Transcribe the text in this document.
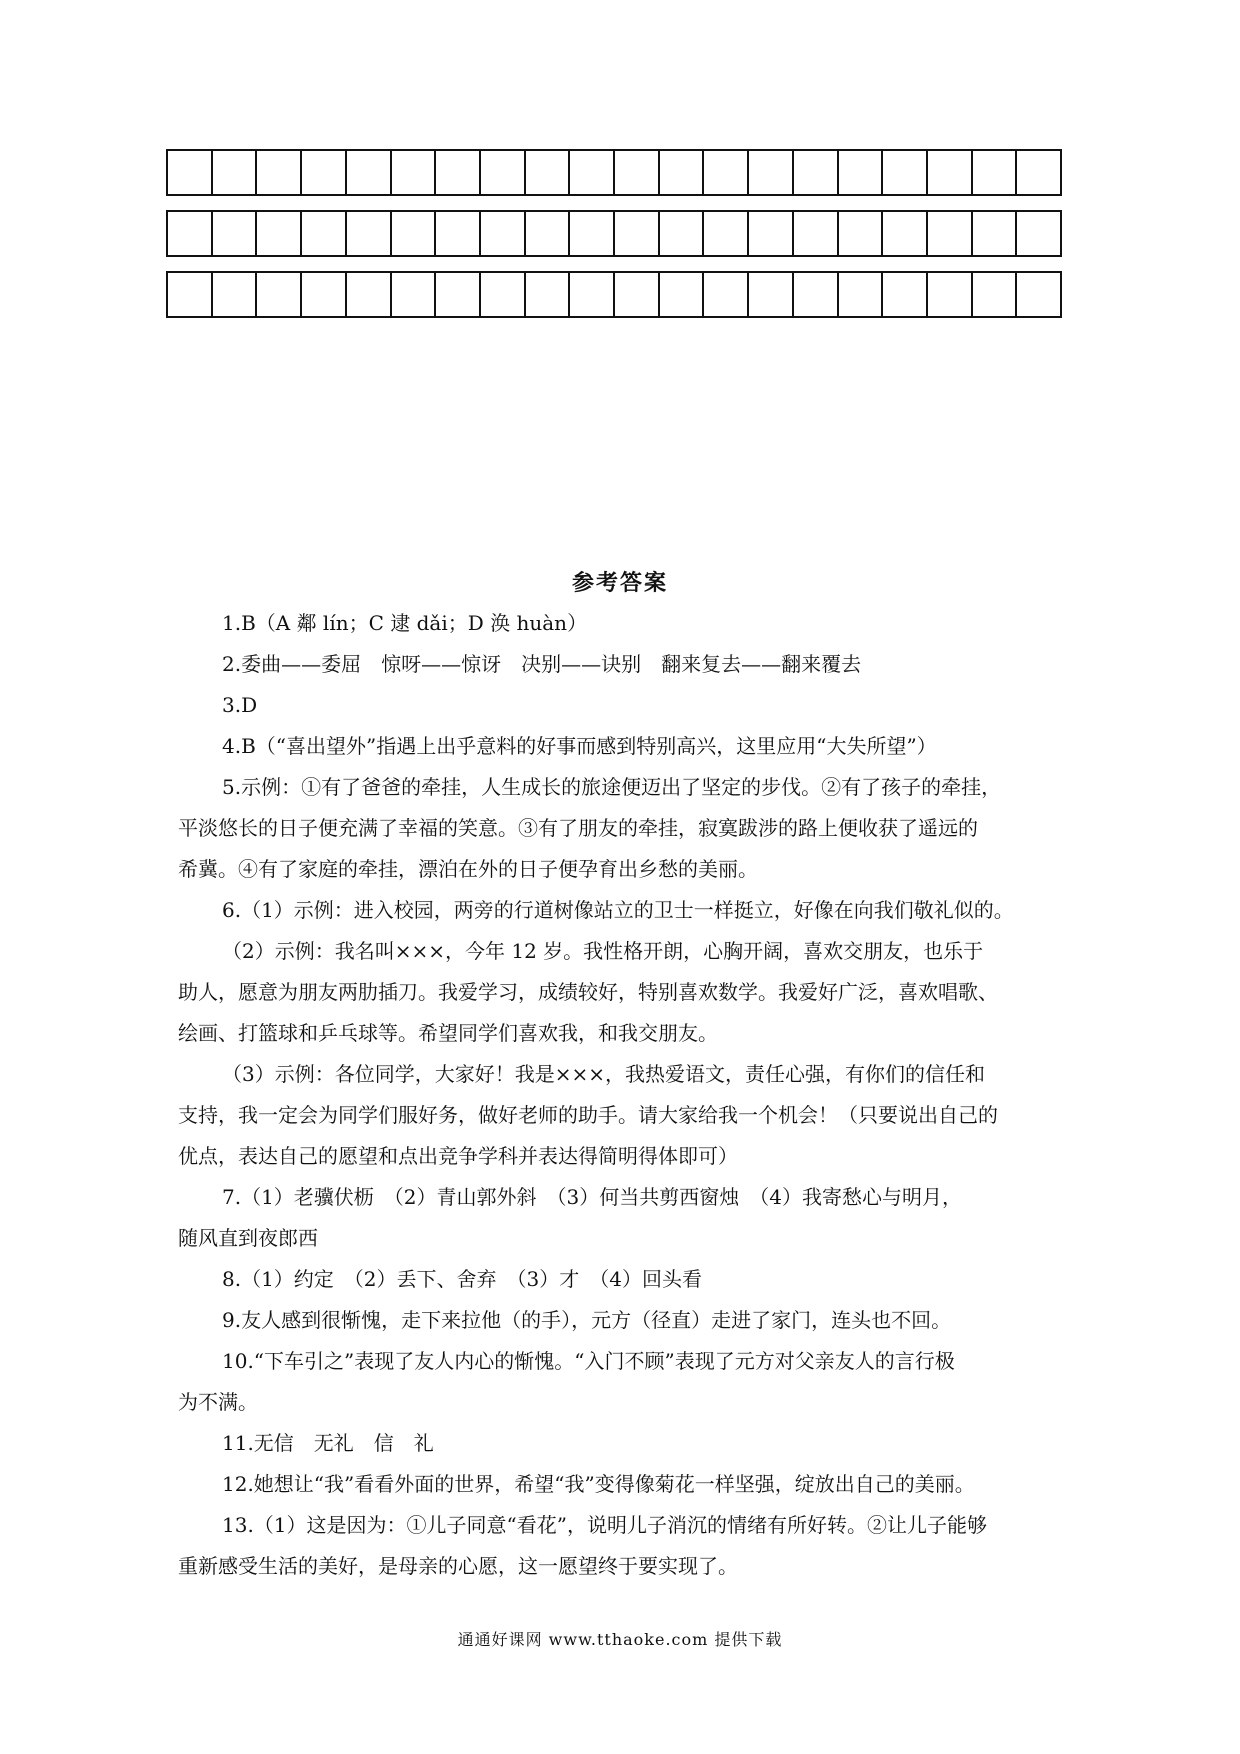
参考答案
1.B（A 鄰 lín；C 逮 dǎi；D 涣 huàn）
2.委曲——委屈　惊呀——惊讶　决别——诀别　翻来复去——翻来覆去
3.D
4.B（“喜出望外”指遇上出乎意料的好事而感到特别高兴，这里应用“大失所望”）
5.示例：①有了爸爸的牵挂，人生成长的旅途便迈出了坚定的步伐。②有了孩子的牵挂，
平淡悠长的日子便充满了幸福的笑意。③有了朋友的牵挂，寂寞跋涉的路上便收获了遥远的
希冀。④有了家庭的牵挂，漂泊在外的日子便孕育出乡愁的美丽。
6.（1）示例：进入校园，两旁的行道树像站立的卫士一样挺立，好像在向我们敬礼似的。
（2）示例：我名叫×××，今年 12 岁。我性格开朗，心胸开阔，喜欢交朋友，也乐于
助人，愿意为朋友两肋插刀。我爱学习，成绩较好，特别喜欢数学。我爱好广泛，喜欢唱歌、
绘画、打篮球和乒乓球等。希望同学们喜欢我，和我交朋友。
（3）示例：各位同学，大家好！我是×××，我热爱语文，责任心强，有你们的信任和
支持，我一定会为同学们服好务，做好老师的助手。请大家给我一个机会！（只要说出自己的
优点，表达自己的愿望和点出竞争学科并表达得简明得体即可）
7.（1）老骥伏枥　（2）青山郭外斜　（3）何当共剪西窗烛　（4）我寄愁心与明月，
随风直到夜郎西
8.（1）约定　（2）丢下、舍弃　（3）才　（4）回头看
9.友人感到很惭愧，走下来拉他（的手），元方（径直）走进了家门，连头也不回。
10.“下车引之”表现了友人内心的惭愧。“入门不顾”表现了元方对父亲友人的言行极
为不满。
11.无信　无礼　信　礼
12.她想让“我”看看外面的世界，希望“我”变得像菊花一样坚强，绽放出自己的美丽。
13.（1）这是因为：①儿子同意“看花”，说明儿子消沉的情绪有所好转。②让儿子能够
重新感受生活的美好，是母亲的心愿，这一愿望终于要实现了。
通通好课网 www.tthaoke.com 提供下载
